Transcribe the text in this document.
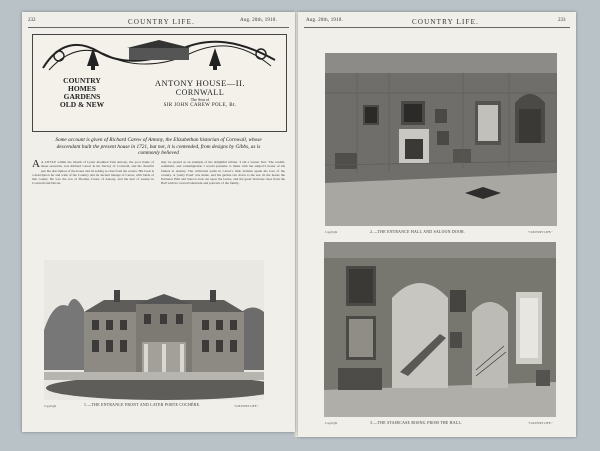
232	COUNTRY LIFE.	Aug. 20th, 1910.
COUNTRY
HOMES
GARDENS
OLD & NEW
ANTONY HOUSE—II.
CORNWALL
The Seat of
SIR JOHN CAREW POLE, Bt.
Some account is given of Richard Carew of Antony, the Elizabethan historian of Cornwall, whose descendant built the present house in 1721, but not, it is contended, from designs by Gibbs, as is commonly believed
A A LITTLE within the mouth of Lyner mouthed Tam Antony, the poor home of those seawards, was Richard Carew in his Survey of Cornwall, and his cheerful pen the description of the house and its setting as rises from the waters. His book is a description far and wide of the Country and its ancient lineage of Carew, with lands of that county. He was the son of Thomas Carew of Antony, and the heir of estates in Cornwall and Devon.
may be quoted as an example of his delightful tribute. 'I am a Lesser Star.' The wealth, sentiment, and contemplation I would presume to make with the subject's house of his fathers at Antony. The cultivated paths in Carew's little domain speak his love of the country. A 'pretty Pond' was made, and his garden ran down to the sea. In the house the Entrance Hall and Saloon look out upon the lawns, and the great Staircase rises from the Hall with its carved balustrade and portraits of the family.
Copyright	1.—THE ENTRANCE FRONT AND LATER PORTE COCHÈRE.	"COUNTRY LIFE."
Aug. 20th, 1910.	COUNTRY LIFE.	233
Copyright	2.—THE ENTRANCE HALL AND SALOON DOOR.	"COUNTRY LIFE."
Copyright	3.—THE STAIRCASE RISING FROM THE HALL.	"COUNTRY LIFE."
